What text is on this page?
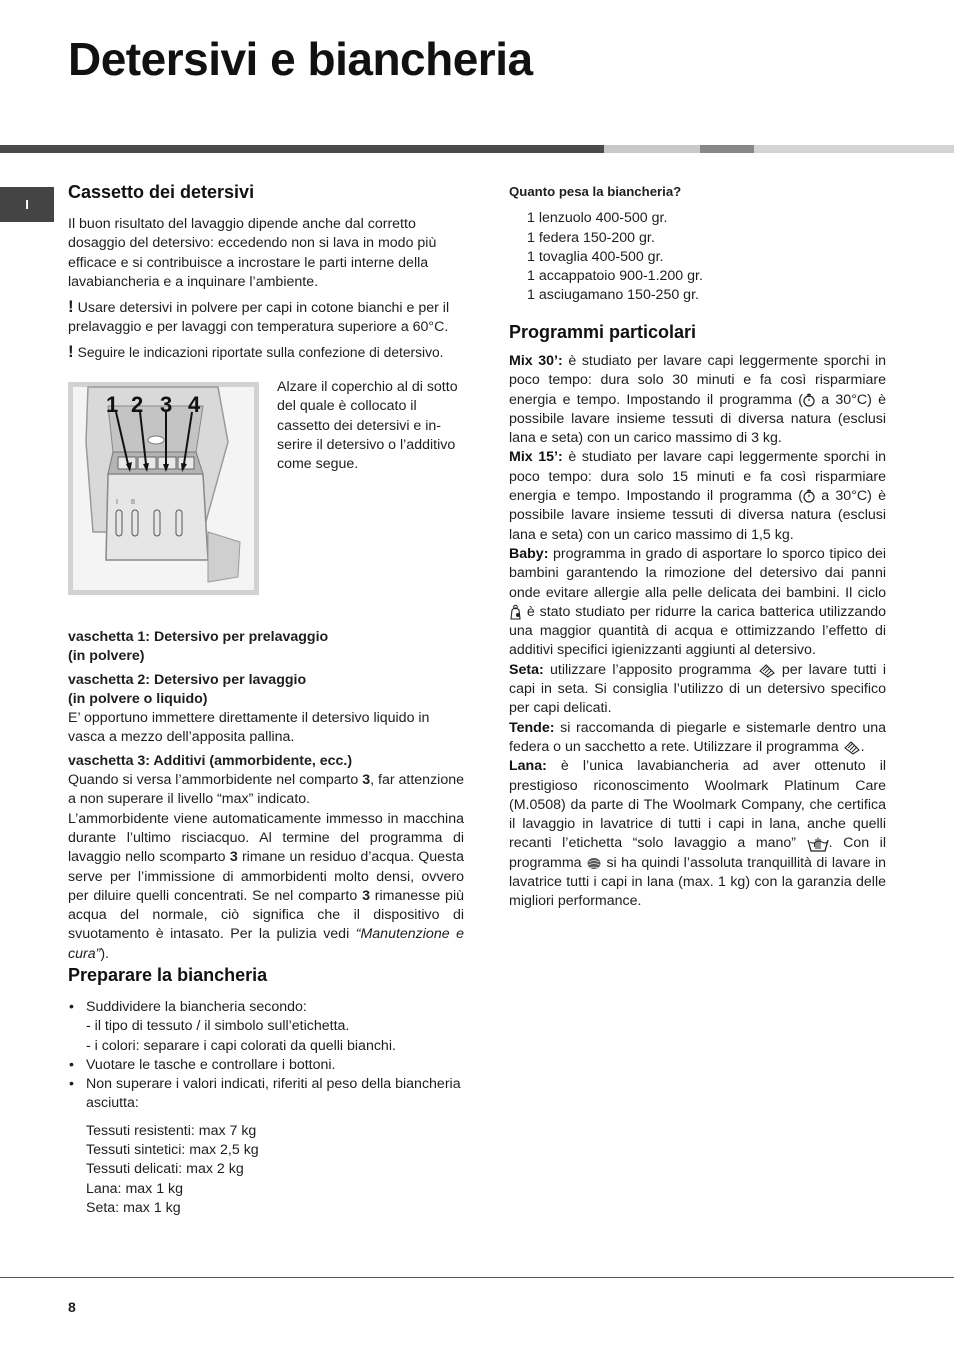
Detersivi e biancheria
I
Cassetto dei detersivi

Il buon risultato del lavaggio dipende anche dal corretto dosaggio del detersivo: eccedendo non si lava in modo più efficace e si contribuisce a incrostare le parti interne della lavabiancheria e a inquinare l’ambiente.

! Usare detersivi in polvere per capi in cotone bianchi e per il prelavaggio e per lavaggi con temperatura superiore a 60°C.

! Seguire le indicazioni riportate sulla confezione di detersivo.

I II
1 2 3 4

Alzare il coperchio al di sotto del quale è collocato il cassetto dei detersivi e in-serire il detersivo o l’additivo come segue.

vaschetta 1: Detersivo per prelavaggio

(in polvere)

vaschetta 2: Detersivo per lavaggio

(in polvere o liquido)

E’ opportuno immettere direttamente il detersivo liquido in vasca a mezzo dell’apposita pallina.

vaschetta 3: Additivi (ammorbidente, ecc.)

Quando si versa l’ammorbidente nel comparto 3, far attenzione a non superare il livello “max” indicato.

L’ammorbidente viene automaticamente immesso in macchina durante l’ultimo risciacquo. Al termine del programma di lavaggio nello scomparto 3 rimane un residuo d’acqua. Questa serve per l’immissione di ammorbidenti molto densi, ovvero per diluire quelli concentrati. Se nel comparto 3 rimanesse più acqua del normale, ciò significa che il dispositivo di svuotamento è intasato. Per la pulizia vedi “Manutenzione e cura”).

Preparare la biancheria
• Suddividere la biancheria secondo:
- il tipo di tessuto / il simbolo sull’etichetta.
- i colori: separare i capi colorati da quelli bianchi.
• Vuotare le tasche e controllare i bottoni.
• Non superare i valori indicati, riferiti al peso della biancheria asciutta:
Tessuti resistenti: max 7 kg
Tessuti sintetici: max 2,5 kg
Tessuti delicati: max 2 kg
Lana: max 1 kg
Seta: max 1 kg

Quanto pesa la biancheria?

1 lenzuolo 400-500 gr.
1 federa 150-200 gr.
1 tovaglia 400-500 gr.
1 accappatoio 900-1.200 gr.
1 asciugamano 150-250 gr.
Programmi particolari

Mix 30’: è studiato per lavare capi leggermente sporchi in poco tempo: dura solo 30 minuti e fa così risparmiare energia e tempo. Impostando il programma ( a 30°C) è possibile lavare insieme tessuti di diversa natura (esclusi lana e seta) con un carico massimo di 3 kg.

Mix 15’: è studiato per lavare capi leggermente sporchi in poco tempo: dura solo 15 minuti e fa così risparmiare energia e tempo. Impostando il programma ( a 30°C) è possibile lavare insieme tessuti di diversa natura (esclusi lana e seta) con un carico massimo di 1,5 kg.

Baby: programma in grado di asportare lo sporco tipico dei bambini garantendo la rimozione del detersivo dai panni onde evitare allergie alla pelle delicata dei bambini. Il ciclo  è stato studiato per ridurre la carica batterica utilizzando una maggior quantità di acqua e ottimizzando l’effetto di additivi specifici igienizzanti aggiunti al detersivo.

Seta: utilizzare l’apposito programma  per lavare tutti i capi in seta. Si consiglia l’utilizzo di un detersivo specifico per capi delicati.

Tende: si raccomanda di piegarle e sistemarle dentro una federa o un sacchetto a rete. Utilizzare il programma .

Lana: è l’unica lavabiancheria ad aver ottenuto il prestigioso riconoscimento Woolmark Platinum Care (M.0508) da parte di The Woolmark Company, che certifica il lavaggio in lavatrice di tutti i capi in lana, anche quelli recanti l’etichetta “solo lavaggio a mano” . Con il programma  si ha quindi l’assoluta tranquillità di lavare in lavatrice tutti i capi in lana (max. 1 kg) con la garanzia delle migliori performance.

8
